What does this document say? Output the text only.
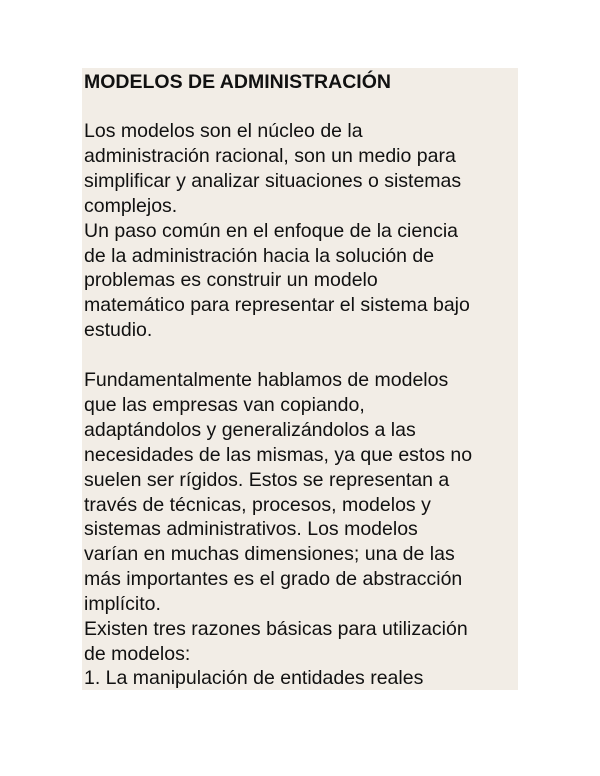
MODELOS DE ADMINISTRACIÓN
Los modelos son el núcleo de la
administración racional, son un medio para
simplificar y analizar situaciones o sistemas
complejos.
Un paso común en el enfoque de la ciencia
de la administración hacia la solución de
problemas es construir un modelo
matemático para representar el sistema bajo
estudio.
Fundamentalmente hablamos de modelos
que las empresas van copiando,
adaptándolos y generalizándolos a las
necesidades de las mismas, ya que estos no
suelen ser rígidos. Estos se representan a
través de técnicas, procesos, modelos y
sistemas administrativos. Los modelos
varían en muchas dimensiones; una de las
más importantes es el grado de abstracción
implícito.
Existen tres razones básicas para utilización
de modelos:
1. La manipulación de entidades reales
